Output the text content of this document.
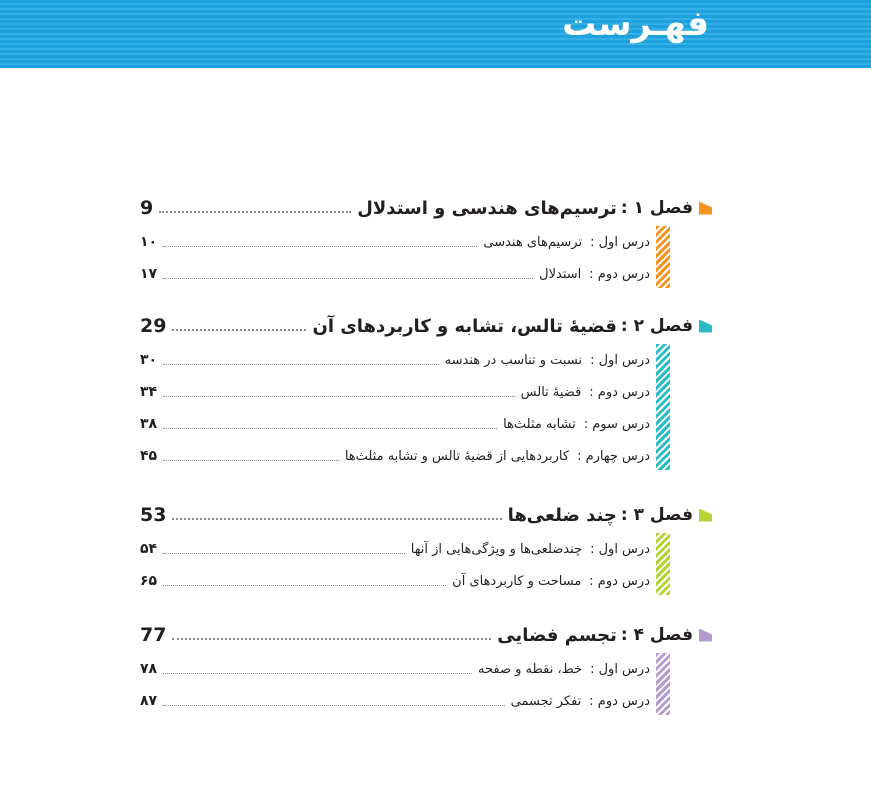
فهـرست
فصل ۱ :
ترسیم‌های هندسی و استدلال
9
درس اول :
ترسیم‌های هندسی
۱۰
درس دوم :
استدلال
۱۷
فصل ۲ :
قضیهٔ تالس، تشابه و کاربردهای آن
29
درس اول :
نسبت و تناسب در هندسه
۳۰
درس دوم :
قضیهٔ تالس
۳۴
درس سوم :
تشابه مثلث‌ها
۳۸
درس چهارم :
کاربردهایی از قضیهٔ تالس و تشابه مثلث‌ها
۴۵
فصل ۳ :
چند ضلعی‌ها
53
درس اول :
چندضلعی‌ها و ویژگی‌هایی از آنها
۵۴
درس دوم :
مساحت و کاربردهای آن
۶۵
فصل ۴ :
تجسم فضایی
77
درس اول :
خط، نقطه و صفحه
۷۸
درس دوم :
تفکر تجسمی
۸۷
